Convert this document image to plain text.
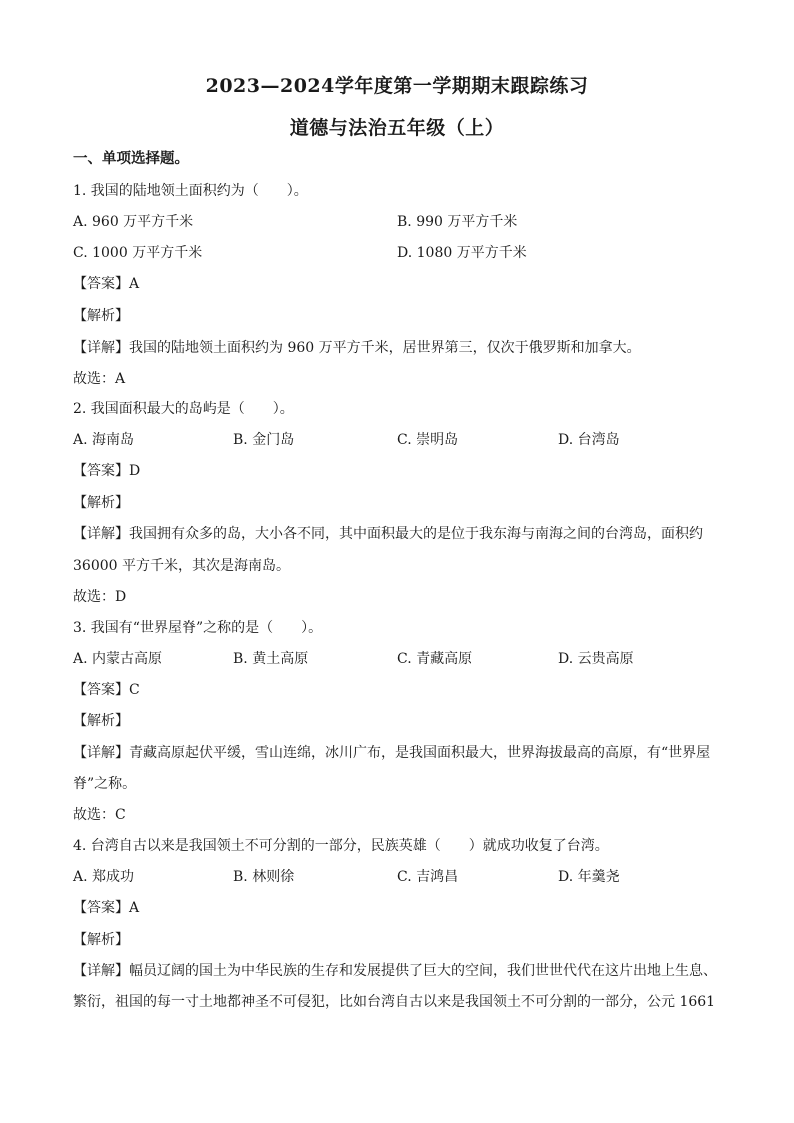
2023—2024学年度第一学期期末跟踪练习
道德与法治五年级（上）
一、单项选择题。
1. 我国的陆地领土面积约为（　　）。
A. 960 万平方千米	B. 990 万平方千米
C. 1000 万平方千米	D. 1080 万平方千米
【答案】A
【解析】
【详解】我国的陆地领土面积约为 960 万平方千米，居世界第三，仅次于俄罗斯和加拿大。
故选：A
2. 我国面积最大的岛屿是（　　）。
A. 海南岛	B. 金门岛	C. 崇明岛	D. 台湾岛
【答案】D
【解析】
【详解】我国拥有众多的岛，大小各不同，其中面积最大的是位于我东海与南海之间的台湾岛，面积约
36000 平方千米，其次是海南岛。
故选：D
3. 我国有“世界屋脊”之称的是（　　）。
A. 内蒙古高原	B. 黄土高原	C. 青藏高原	D. 云贵高原
【答案】C
【解析】
【详解】青藏高原起伏平缓，雪山连绵，冰川广布，是我国面积最大，世界海拔最高的高原，有“世界屋
脊”之称。
故选：C
4. 台湾自古以来是我国领土不可分割的一部分，民族英雄（　　）就成功收复了台湾。
A. 郑成功	B. 林则徐	C. 吉鸿昌	D. 年羹尧
【答案】A
【解析】
【详解】幅员辽阔的国土为中华民族的生存和发展提供了巨大的空间，我们世世代代在这片出地上生息、
繁衍，祖国的每一寸土地都神圣不可侵犯，比如台湾自古以来是我国领土不可分割的一部分，公元 1661
